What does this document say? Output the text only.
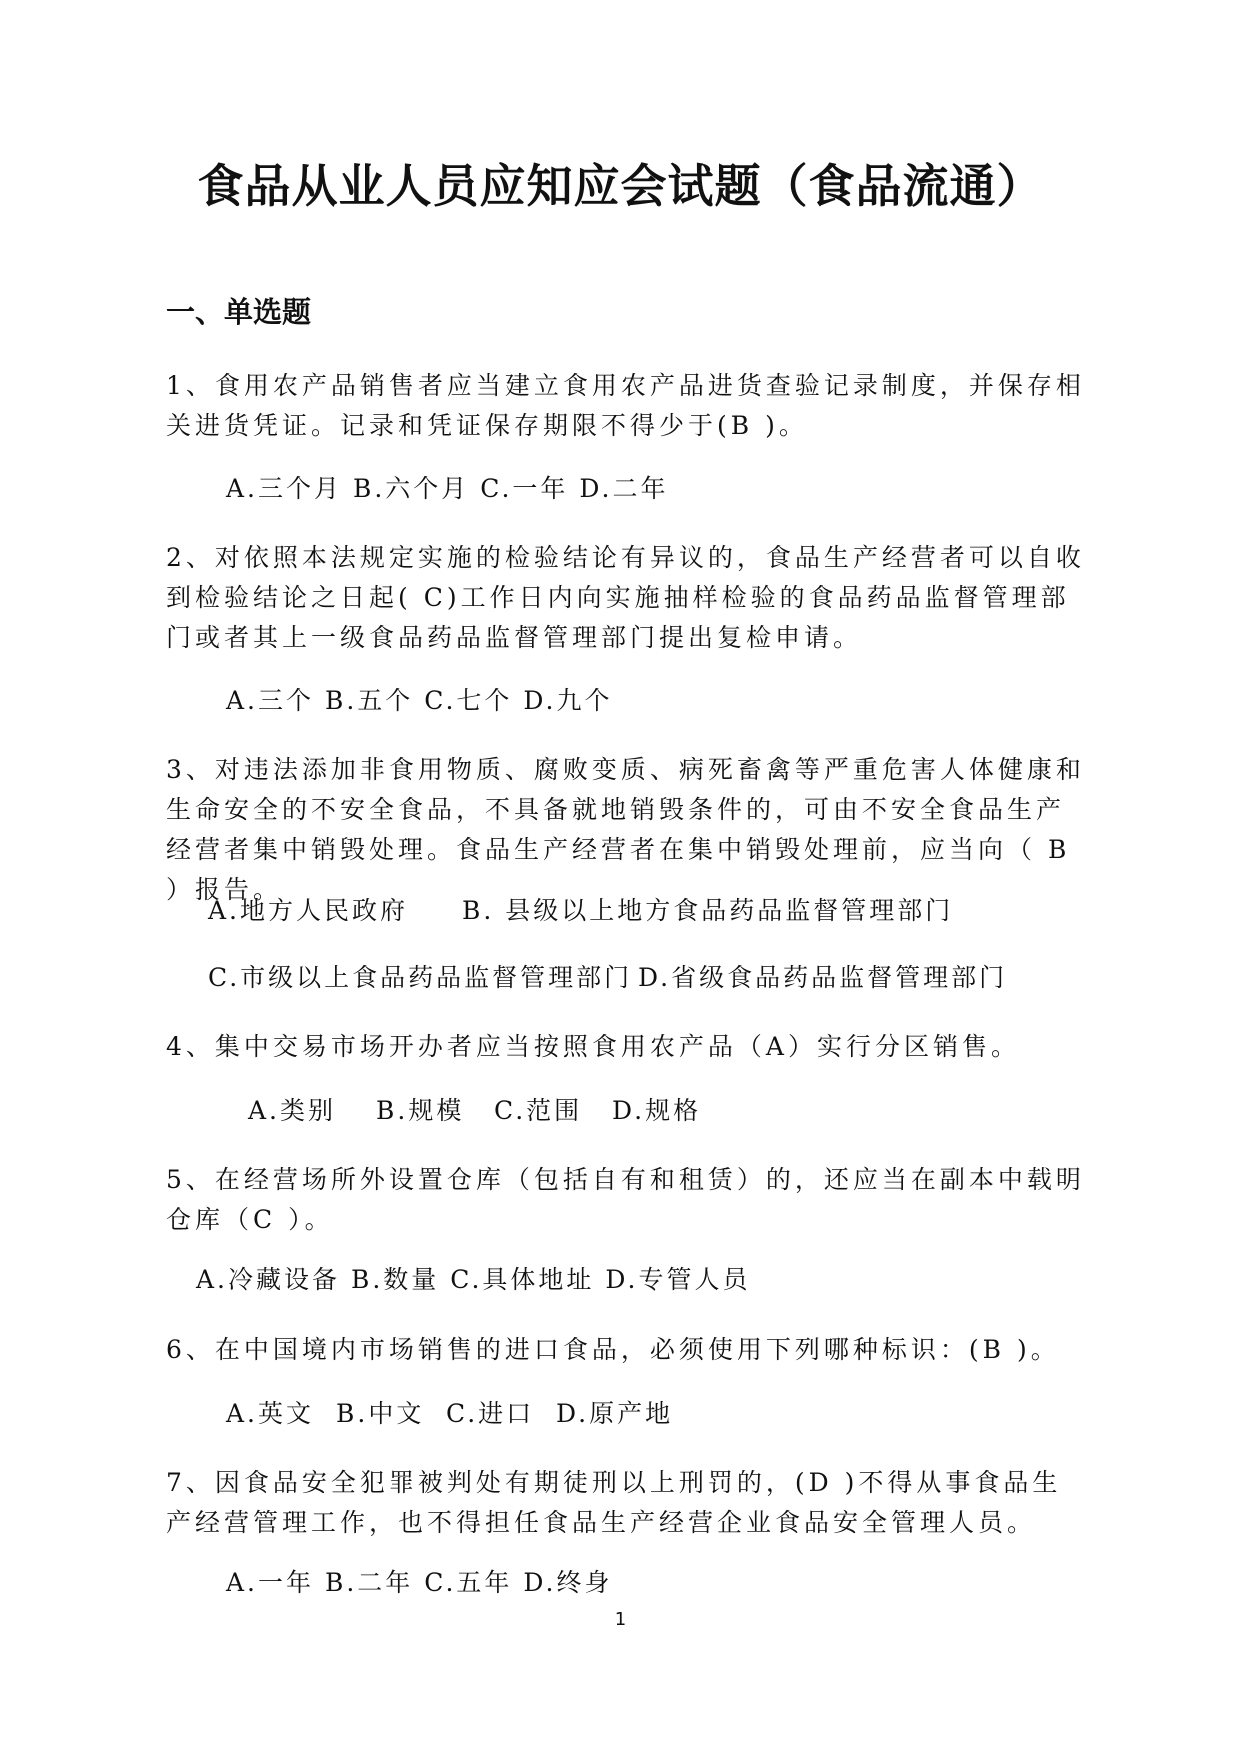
食品从业人员应知应会试题（食品流通）
一、单选题
1、食用农产品销售者应当建立食用农产品进货查验记录制度，并保存相关进货凭证。记录和凭证保存期限不得少于(B )。
A.三个月 B.六个月 C.一年 D.二年
2、对依照本法规定实施的检验结论有异议的，食品生产经营者可以自收到检验结论之日起( C)工作日内向实施抽样检验的食品药品监督管理部门或者其上一级食品药品监督管理部门提出复检申请。
A.三个 B.五个 C.七个 D.九个
3、对违法添加非食用物质、腐败变质、病死畜禽等严重危害人体健康和生命安全的不安全食品，不具备就地销毁条件的，可由不安全食品生产经营者集中销毁处理。食品生产经营者在集中销毁处理前，应当向（ B ）报告。
A.地方人民政府 B. 县级以上地方食品药品监督管理部门
C.市级以上食品药品监督管理部门 D.省级食品药品监督管理部门
4、集中交易市场开办者应当按照食用农产品（A）实行分区销售。
A.类别 B.规模 C.范围 D.规格
5、在经营场所外设置仓库（包括自有和租赁）的，还应当在副本中载明仓库（C ）。
A.冷藏设备 B.数量 C.具体地址 D.专管人员
6、在中国境内市场销售的进口食品，必须使用下列哪种标识：(B )。
A.英文 B.中文 C.进口 D.原产地
7、因食品安全犯罪被判处有期徒刑以上刑罚的，(D )不得从事食品生产经营管理工作，也不得担任食品生产经营企业食品安全管理人员。
A.一年 B.二年 C.五年 D.终身
1
